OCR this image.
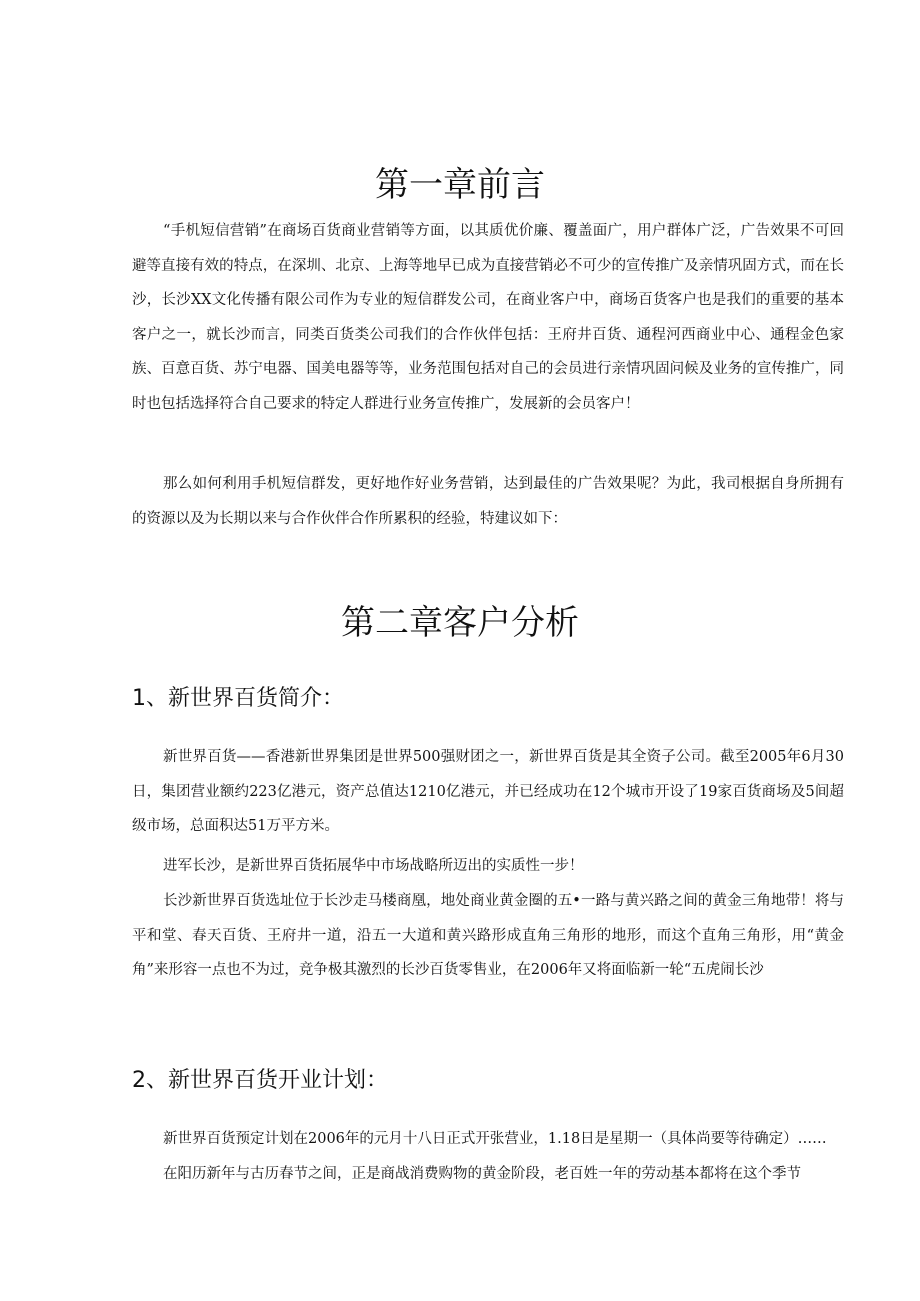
第一章前言

“手机短信营销”在商场百货商业营销等方面，以其质优价廉、覆盖面广，用户群体广泛，广告效果不可回避等直接有效的特点，在深圳、北京、上海等地早已成为直接营销必不可少的宣传推广及亲情巩固方式，而在长沙，长沙XX文化传播有限公司作为专业的短信群发公司，在商业客户中，商场百货客户也是我们的重要的基本客户之一，就长沙而言，同类百货类公司我们的合作伙伴包括：王府井百货、通程河西商业中心、通程金色家族、百意百货、苏宁电器、国美电器等等，业务范围包括对自己的会员进行亲情巩固问候及业务的宣传推广，同时也包括选择符合自己要求的特定人群进行业务宣传推广，发展新的会员客户！

那么如何利用手机短信群发，更好地作好业务营销，达到最佳的广告效果呢？为此，我司根据自身所拥有的资源以及为长期以来与合作伙伴合作所累积的经验，特建议如下：

第二章客户分析
1、新世界百货简介：

新世界百货——香港新世界集团是世界500强财团之一，新世界百货是其全资子公司。截至2005年6月30日，集团营业额约223亿港元，资产总值达1210亿港元，并已经成功在12个城市开设了19家百货商场及5间超级市场，总面积达51万平方米。

进军长沙，是新世界百货拓展华中市场战略所迈出的实质性一步！

长沙新世界百货选址位于长沙走马楼商凰，地处商业黄金圈的五•一路与黄兴路之间的黄金三角地带！将与平和堂、春天百货、王府井一道，沿五一大道和黄兴路形成直角三角形的地形，而这个直角三角形，用“黄金角”来形容一点也不为过，竞争极其激烈的长沙百货零售业，在2006年又将面临新一轮“五虎闹长沙

2、新世界百货开业计划：

新世界百货预定计划在2006年的元月十八日正式开张营业，1.18日是星期一（具体尚要等待确定）……

在阳历新年与古历春节之间，正是商战消费购物的黄金阶段，老百姓一年的劳动基本都将在这个季节
